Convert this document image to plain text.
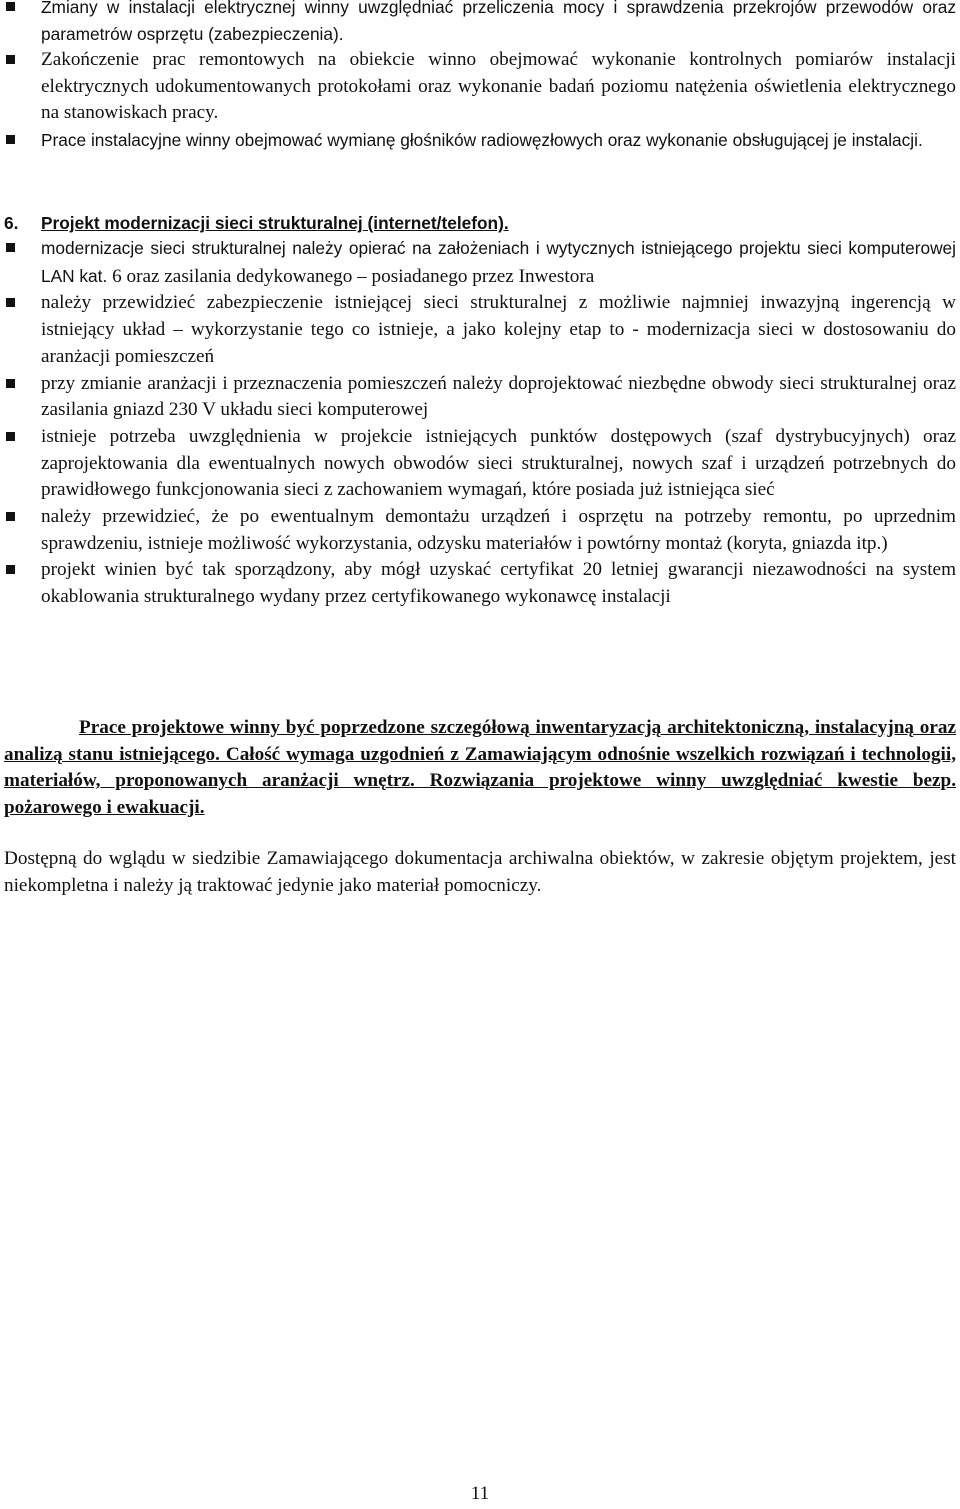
Zmiany w instalacji elektrycznej winny uwzględniać przeliczenia mocy i sprawdzenia przekrojów przewodów oraz parametrów osprzętu (zabezpieczenia).
Zakończenie prac remontowych na obiekcie winno obejmować wykonanie kontrolnych pomiarów instalacji elektrycznych udokumentowanych protokołami oraz wykonanie badań poziomu natężenia oświetlenia elektrycznego na stanowiskach pracy.
Prace instalacyjne winny obejmować wymianę głośników radiowęzłowych oraz wykonanie obsługującej je instalacji.
6. Projekt modernizacji sieci strukturalnej (internet/telefon).
modernizacje sieci strukturalnej należy opierać na założeniach i wytycznych istniejącego projektu sieci komputerowej LAN kat. 6 oraz zasilania dedykowanego – posiadanego przez Inwestora
należy przewidzieć zabezpieczenie istniejącej sieci strukturalnej z możliwie najmniej inwazyjną ingerencją w istniejący układ – wykorzystanie tego co istnieje, a jako kolejny etap to - modernizacja sieci w dostosowaniu do aranżacji pomieszczeń
przy zmianie aranżacji i przeznaczenia pomieszczeń należy doprojektować niezbędne obwody sieci strukturalnej oraz zasilania gniazd 230 V układu sieci komputerowej
istnieje potrzeba uwzględnienia w projekcie istniejących punktów dostępowych (szaf dystrybucyjnych) oraz zaprojektowania dla ewentualnych nowych obwodów sieci strukturalnej, nowych szaf i urządzeń potrzebnych do prawidłowego funkcjonowania sieci z zachowaniem wymagań, które posiada już istniejąca sieć
należy przewidzieć, że po ewentualnym demontażu urządzeń i osprzętu na potrzeby remontu, po uprzednim sprawdzeniu, istnieje możliwość wykorzystania, odzysku materiałów i powtórny montaż (koryta, gniazda itp.)
projekt winien być tak sporządzony, aby mógł uzyskać certyfikat 20 letniej gwarancji niezawodności na system okablowania strukturalnego wydany przez certyfikowanego wykonawcę instalacji

Prace projektowe winny być poprzedzone szczegółową inwentaryzacją architektoniczną, instalacyjną oraz analizą stanu istniejącego. Całość wymaga uzgodnień z Zamawiającym odnośnie wszelkich rozwiązań i technologii, materiałów, proponowanych aranżacji wnętrz. Rozwiązania projektowe winny uwzględniać kwestie bezp. pożarowego i ewakuacji.

Dostępną do wglądu w siedzibie Zamawiającego dokumentacja archiwalna obiektów, w zakresie objętym projektem, jest niekompletna i należy ją traktować jedynie jako materiał pomocniczy.

11
